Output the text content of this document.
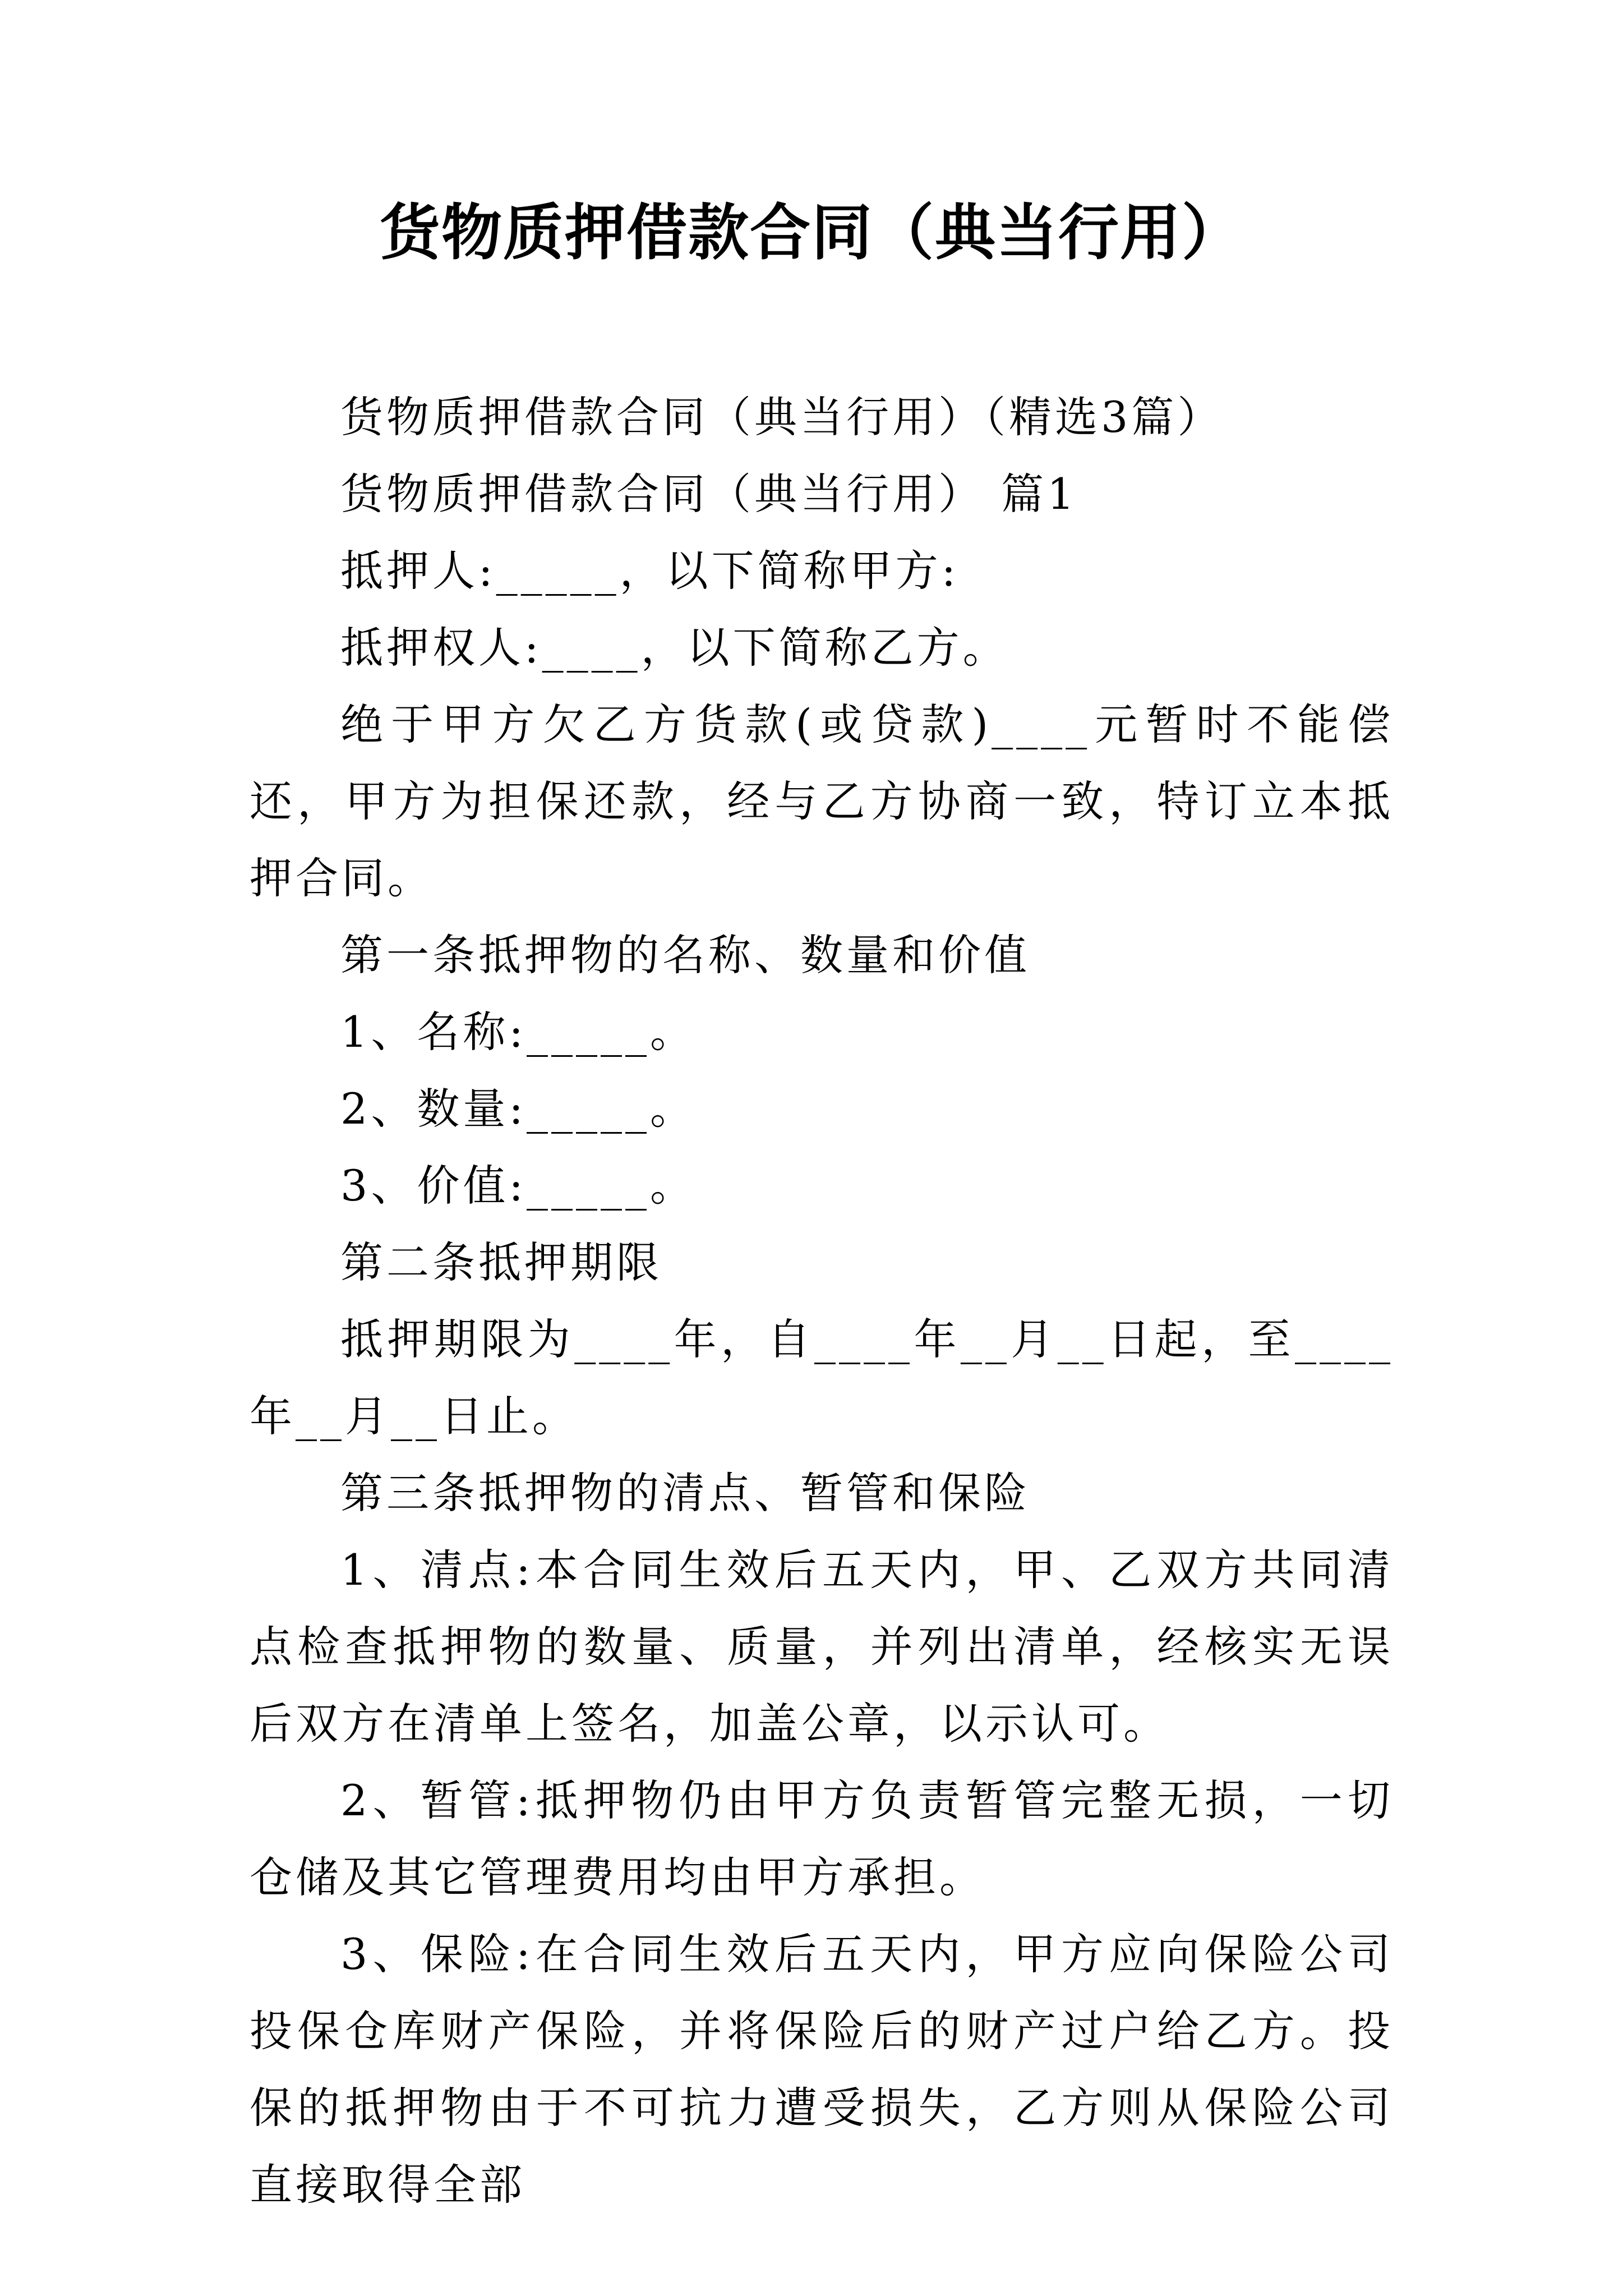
货物质押借款合同（典当行用）

货物质押借款合同（典当行用）（精选3篇）

货物质押借款合同（典当行用） 篇1

抵押人:_____，以下简称甲方:

抵押权人:____，以下简称乙方。

绝于甲方欠乙方货款(或贷款)____元暂时不能偿还，甲方为担保还款，经与乙方协商一致，特订立本抵押合同。

第一条抵押物的名称、数量和价值

1、名称:_____。

2、数量:_____。

3、价值:_____。

第二条抵押期限

抵押期限为____年，自____年__月__日起，至____年__月__日止。

第三条抵押物的清点、暂管和保险

1、清点:本合同生效后五天内，甲、乙双方共同清点检查抵押物的数量、质量，并列出清单，经核实无误后双方在清单上签名，加盖公章，以示认可。

2、暂管:抵押物仍由甲方负责暂管完整无损，一切仓储及其它管理费用均由甲方承担。

3、保险:在合同生效后五天内，甲方应向保险公司投保仓库财产保险，并将保险后的财产过户给乙方。投保的抵押物由于不可抗力遭受损失，乙方则从保险公司直接取得全部
